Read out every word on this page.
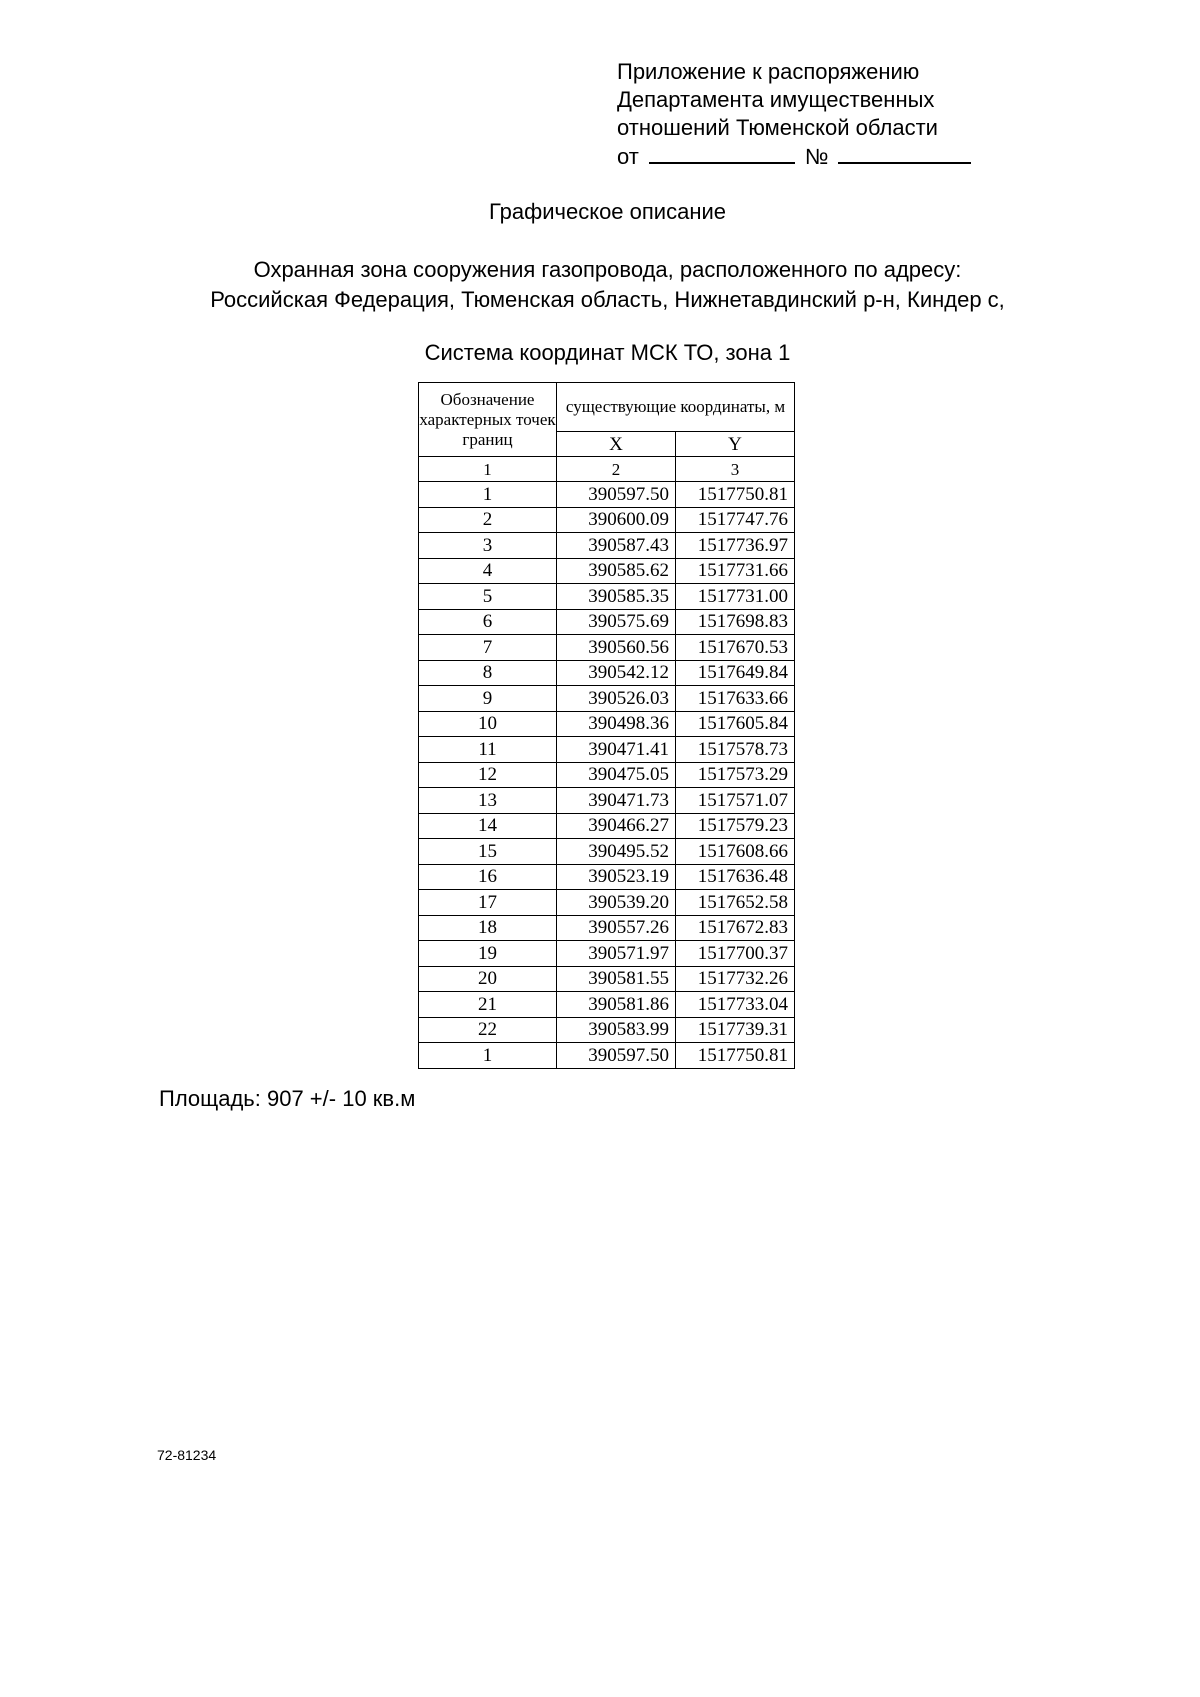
Приложение к распоряжению
Департамента имущественных
отношений Тюменской области
от	№
Графическое описание
Охранная зона сооружения газопровода, расположенного по адресу:
Российская Федерация, Тюменская область, Нижнетавдинский р-н, Киндер с,
Система координат МСК ТО, зона 1
Обозначение характерных точек границ	существующие координаты, м	
	X	Y
1	2	3
1	390597.50	1517750.81
2	390600.09	1517747.76
3	390587.43	1517736.97
4	390585.62	1517731.66
5	390585.35	1517731.00
6	390575.69	1517698.83
7	390560.56	1517670.53
8	390542.12	1517649.84
9	390526.03	1517633.66
10	390498.36	1517605.84
11	390471.41	1517578.73
12	390475.05	1517573.29
13	390471.73	1517571.07
14	390466.27	1517579.23
15	390495.52	1517608.66
16	390523.19	1517636.48
17	390539.20	1517652.58
18	390557.26	1517672.83
19	390571.97	1517700.37
20	390581.55	1517732.26
21	390581.86	1517733.04
22	390583.99	1517739.31
1	390597.50	1517750.81
Площадь: 907 +/- 10 кв.м
72-81234
